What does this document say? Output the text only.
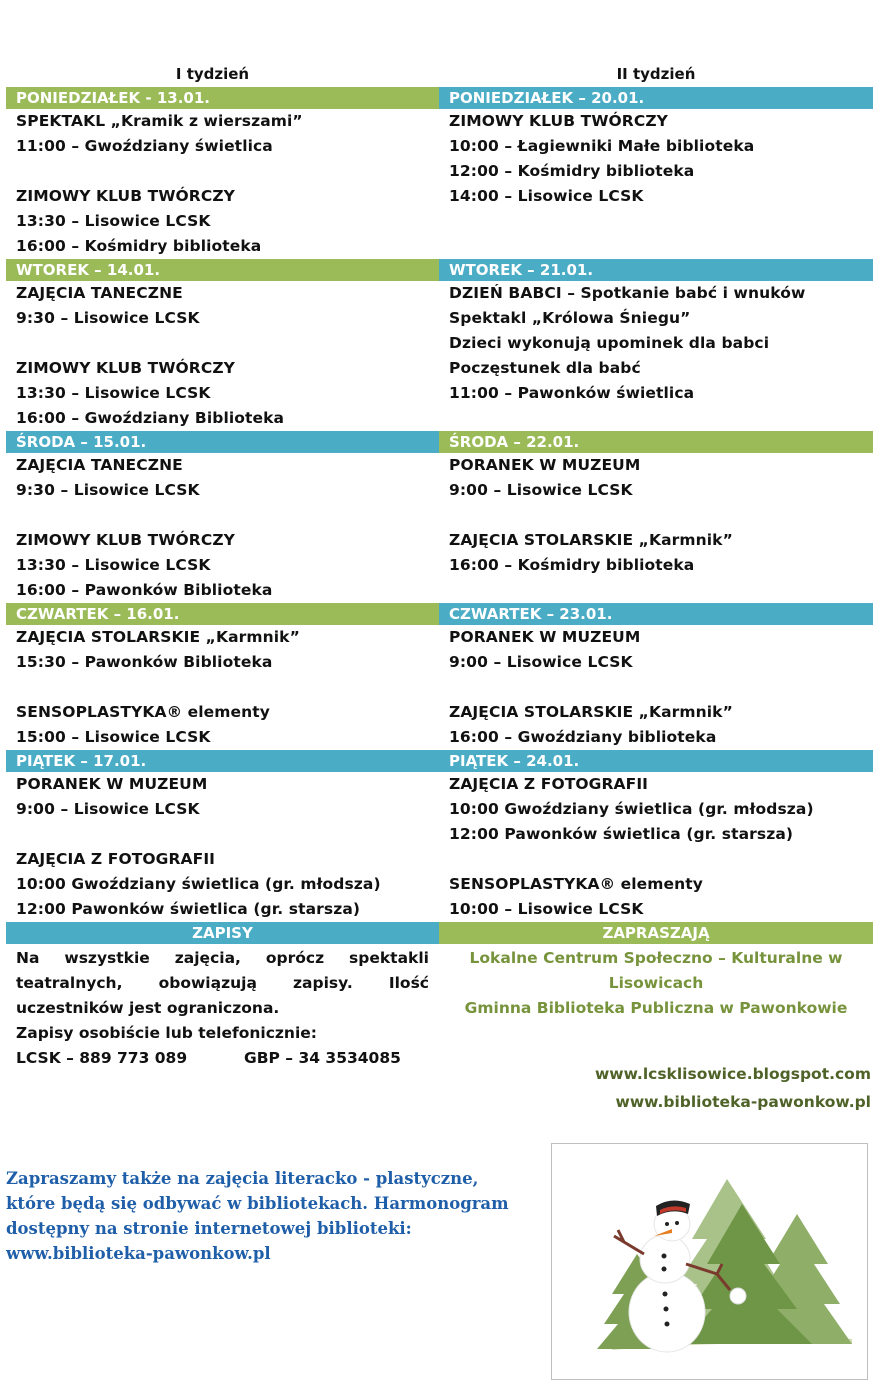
I tydzień
PONIEDZIAŁEK - 13.01.
SPEKTAKL „Kramik z wierszami”
11:00 – Gwoździany świetlica
ZIMOWY KLUB TWÓRCZY
13:30 – Lisowice LCSK
16:00 – Kośmidry biblioteka
WTOREK – 14.01.
ZAJĘCIA TANECZNE
9:30 – Lisowice LCSK
ZIMOWY KLUB TWÓRCZY
13:30 – Lisowice LCSK
16:00 – Gwoździany Biblioteka
ŚRODA – 15.01.
ZAJĘCIA TANECZNE
9:30 – Lisowice LCSK
ZIMOWY KLUB TWÓRCZY
13:30 – Lisowice LCSK
16:00 – Pawonków Biblioteka
CZWARTEK – 16.01.
ZAJĘCIA STOLARSKIE „Karmnik”
15:30 – Pawonków Biblioteka
SENSOPLASTYKA® elementy
15:00 – Lisowice LCSK
PIĄTEK – 17.01.
PORANEK W MUZEUM
9:00 – Lisowice LCSK
ZAJĘCIA Z FOTOGRAFII
10:00 Gwoździany świetlica (gr. młodsza)
12:00 Pawonków świetlica (gr. starsza)
ZAPISY
Na wszystkie zajęcia, oprócz spektakli teatralnych, obowiązują zapisy. Ilość uczestników jest ograniczona.
Zapisy osobiście lub telefonicznie:
LCSK – 889 773 089	GBP – 34 3534085
II tydzień
PONIEDZIAŁEK – 20.01.
ZIMOWY KLUB TWÓRCZY
10:00 – Łagiewniki Małe biblioteka
12:00 – Kośmidry biblioteka
14:00 – Lisowice LCSK
WTOREK – 21.01.
DZIEŃ BABCI – Spotkanie babć i wnuków
Spektakl „Królowa Śniegu”
Dzieci wykonują upominek dla babci
Poczęstunek dla babć
11:00 – Pawonków świetlica
ŚRODA – 22.01.
PORANEK W MUZEUM
9:00 – Lisowice LCSK
ZAJĘCIA STOLARSKIE „Karmnik”
16:00 – Kośmidry biblioteka
CZWARTEK – 23.01.
PORANEK W MUZEUM
9:00 – Lisowice LCSK
ZAJĘCIA STOLARSKIE „Karmnik”
16:00 – Gwoździany biblioteka
PIĄTEK – 24.01.
ZAJĘCIA Z FOTOGRAFII
10:00 Gwoździany świetlica (gr. młodsza)
12:00 Pawonków świetlica (gr. starsza)
SENSOPLASTYKA® elementy
10:00 – Lisowice LCSK
ZAPRASZAJĄ
Lokalne Centrum Społeczno – Kulturalne w Lisowicach
Gminna Biblioteka Publiczna w Pawonkowie
www.lcsklisowice.blogspot.com
www.biblioteka-pawonkow.pl
Zapraszamy także na zajęcia literacko - plastyczne, które będą się odbywać w bibliotekach. Harmonogram dostępny na stronie internetowej biblioteki: www.biblioteka-pawonkow.pl
